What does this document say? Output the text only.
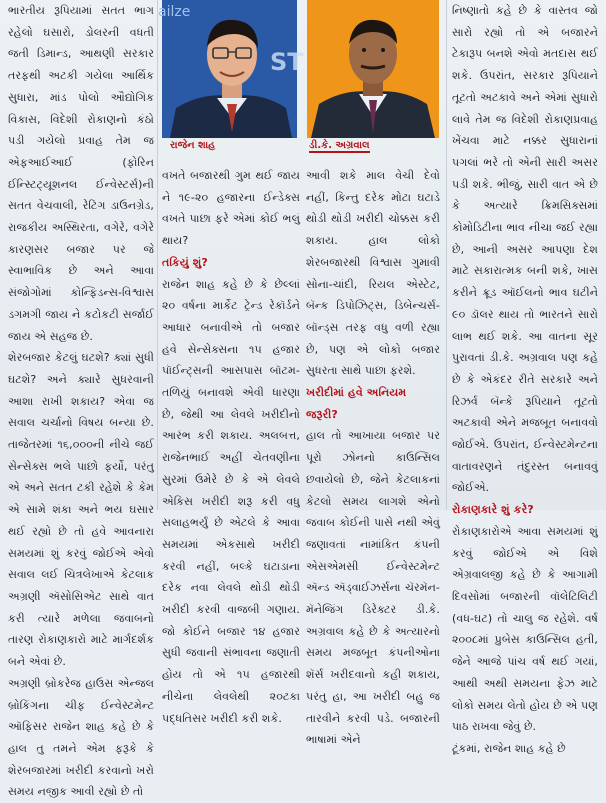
ભારતીય રૂપિયામાં સતત ભાગ રહેલો ઘસારો, ડોલરની વધતી જતી ડિમાન્ડ, આથણી સરકાર તરફથી અટકી ગયેલા આર્થિક સુધારા, માંડ પોલો ઔદ્યોગિક વિકાસ, વિદેશી રોકાણનો કંઠો પડી ગયેલો પ્રવાહ તેમ જ એફઆઈઆઈ (ફોરિન ઈન્સ્ટિટ્યૂશનલ ઈન્વેસ્ટર્સ)ની સતત વેચવાલી, રેટિંગ ડાઉનગ્રેડ, રાજકીય અસ્થિરતા, વગેરે, વગેરે કારણસર બજાર પર જે સ્વાભાવિક છે અને આવા સંજોગોમાં કોન્ફિડન્સ-વિશ્વાસ ડગમગી જાય ને કટોકટી સર્જાઈ જાય એ સહજ છે.

શેરબજાર કેટલું ઘટશે? ક્યાં સુધી ઘટશે? અને ક્યારે સુધરવાની આશા રાખી શકાય? એવા જ સવાલ ચર્ચાનો વિષય બન્યા છે. તાજેતરમાં ૧૬,૦૦૦ની નીચે જઈ સેન્સેક્સ ભલે પાછો ફર્યો, પરંતુ એ અને સતત ટકી રહેશે કે કેમ એ સામે શંકા અને ભય ઘસાર થઈ રહ્યો છે તો હવે આવનારા સમયમાં શું કરવું જોઈએ એવો સવાલ લઈ ચિત્રલેખાએ કેટલાક અગ્રણી ઍસોસિએટ સાથે વાત કરી ત્યારે મળેલા જવાબનો તારણ રોકાણકારો માટે માર્ગદર્શક બને એવાં છે.

અગ્રણી બ્રોકરેજ હાઉસ એન્જલ બ્રોકિંગના ચીફ ઈન્વેસ્ટમેન્ટ ઑફિસર રાજેન શાહ કહે છે કે હાલ તુ તમને એમ ફરૂકે કે શેરબજારમાં ખરીદી કરવાનો ખરો સમય નજીક આવી રહ્યો છે તો

ailze
ST
રાજેન શાહ	ડી.કે. અગ્રવાલ

વખતે બજારથી ગુમ થઈ જાય ને ૧૯-૨૦ હજારના ઈન્ડેક્સ વખતે પાછા ફરે એમાં કોઈ ભલું થાય?

તકિયું શું?

રાજેન શાહ કહે છે કે છેલ્લાં ૨૦ વર્ષના માર્કેટ ટ્રેન્ડ રેકૉર્ડને આધાર બનાવીએ તો બજાર હવે સેન્સેક્સના ૧૫ હજાર પૉઈન્ટ્સની આસપાસ બૉટમ-તળિયું બનાવશે એવી ધારણા છે, જેથી આ લેવલે ખરીદીનો આરંભ કરી શકાય. અલબત્ત, રાજેનભાઈ અહીં ચેતવણીના સુરમાં ઉમેરે છે કે એ લેવલે એકિસ ખરીદી શરૂ કરી વધુ સલાહભર્યું છે એટલે કે આવા સમયમાં એકસાથે ખરીદી કરવી નહીં, બલ્કે ઘટાડાના દરેક નવા લેવલે થોડી થોડી ખરીદી કરવી વાજબી ગણાય. જો કોઈને બજાર ૧૪ હજાર સુધી જવાની સંભાવના જણાતી હોય તો એ ૧૫ હજારથી નીચેના લેવલેથી ૨૦ટકા પદ્ધતિસર ખરીદી કરી શકે.

આવી શકે માલ વેચી દેવો નહીં, કિન્તુ દરેક મોટા ઘટાડે થોડી થોડી ખરીદી ચોક્કસ કરી શકાય. હાલ લોકો શેરબજારથી વિશ્વાસ ગુમાવી સોના-ચાંદી, રિયલ એસ્ટેટ, બૅન્ક ડિપોઝિટ્સ, ડિબેન્ચર્સ-બૉન્ડ્સ તરફ વધુ વળી રહ્યા છે, પણ એ લોકો બજાર સુધરતા સાથે પાછા ફરશે.

ખરીદીમાં હવે અનિયમ જરૂરી?

હાલ તો આખાયા બજાર પર પૂરો ઝોનનો કાઉન્સિલ છવાયેલો છે, જેને કેટલાકનાં કેટલો સમય લાગશે એનો જવાબ કોઈની પાસે નથી એવું જણાવતાં નામાંકિત કંપની એસએમસી ઈન્વેસ્ટમેન્ટ ઍન્ડ ઍડ્વાઈઝર્સના ચૅરમૅન-મૅનેજિંગ ડિરેક્ટર ડી.કે. અગ્રવાલ કહે છે કે અત્યારનો સમય મજબૂત કંપનીઓના શૅર્સ ખરીદવાનો કહી શકાય, પરંતુ હા, આ ખરીદી બહુ જ તારવીને કરવી પડે. બજારની ભાષામાં એને

નિષ્ણાતો કહે છે કે વાસ્તવ જો સારો રહ્યો તો એ બજારને ટેકારૂપ બનશે એવો મતદાસ થઈ શકે. ઉપરાંત, સરકાર રૂપિયાને તૂટતો અટકાવે અને એમાં સુધારો લાવે તેમ જ વિદેશી રોકાણપ્રવાહ ખેંચવા માટે નક્કર સુધારાનાં પગલાં ભરે તો એની સારી અસર પડી શકે. ભીજું, સારી વાત એ છે કે અત્યારે ક્રિમસિક્સમાં કોમોડિટીના ભાવ નીચા જઈ રહ્યા છે, આની અસર આપણા દેશ માટે સકારાત્મક બની શકે, ખાસ કરીને ક્રૂડ ઑઈલનો ભાવ ઘટીને ૯૦ ડૉલર થાય તો ભારતને સારો લાભ થઈ શકે. આ વાતના સૂર પુરાવતાં ડી.કે. અગ્રવાલ પણ કહે છે કે એકંદર રીતે સરકારે અને રિઝર્વ બૅન્કે રૂપિયાને તૂટતો અટકાવી એને મજબૂત બનાવવો જોઈએ. ઉપરાંત, ઈન્વેસ્ટમેન્ટના વાતાવરણને તંદુરસ્ત બનાવવું જોઈએ.

રોકાણકારે શું કરે?

રોકાણકારોએ આવા સમયમાં શું કરવું જોઈએ એ વિશે એગ્રવાલજી કહે છે કે આગામી દિવસોમાં બજારની વૉલેટિલિટી (વધ-ઘટ) તો ચાલુ જ રહેશે. વર્ષ ૨૦૦૮માં પ્રુબેસ કાઉન્સિલ હતી, જેને આજે પાંચ વર્ષ થઈ ગયાં, આથી અથી સમયના ફેઝ માટે લોકો સમય લેતો હોય છે એ પણ પાઠ રાખવા જેવું છે.

ટૂંકમાં, રાજેન શાહ કહે છે
